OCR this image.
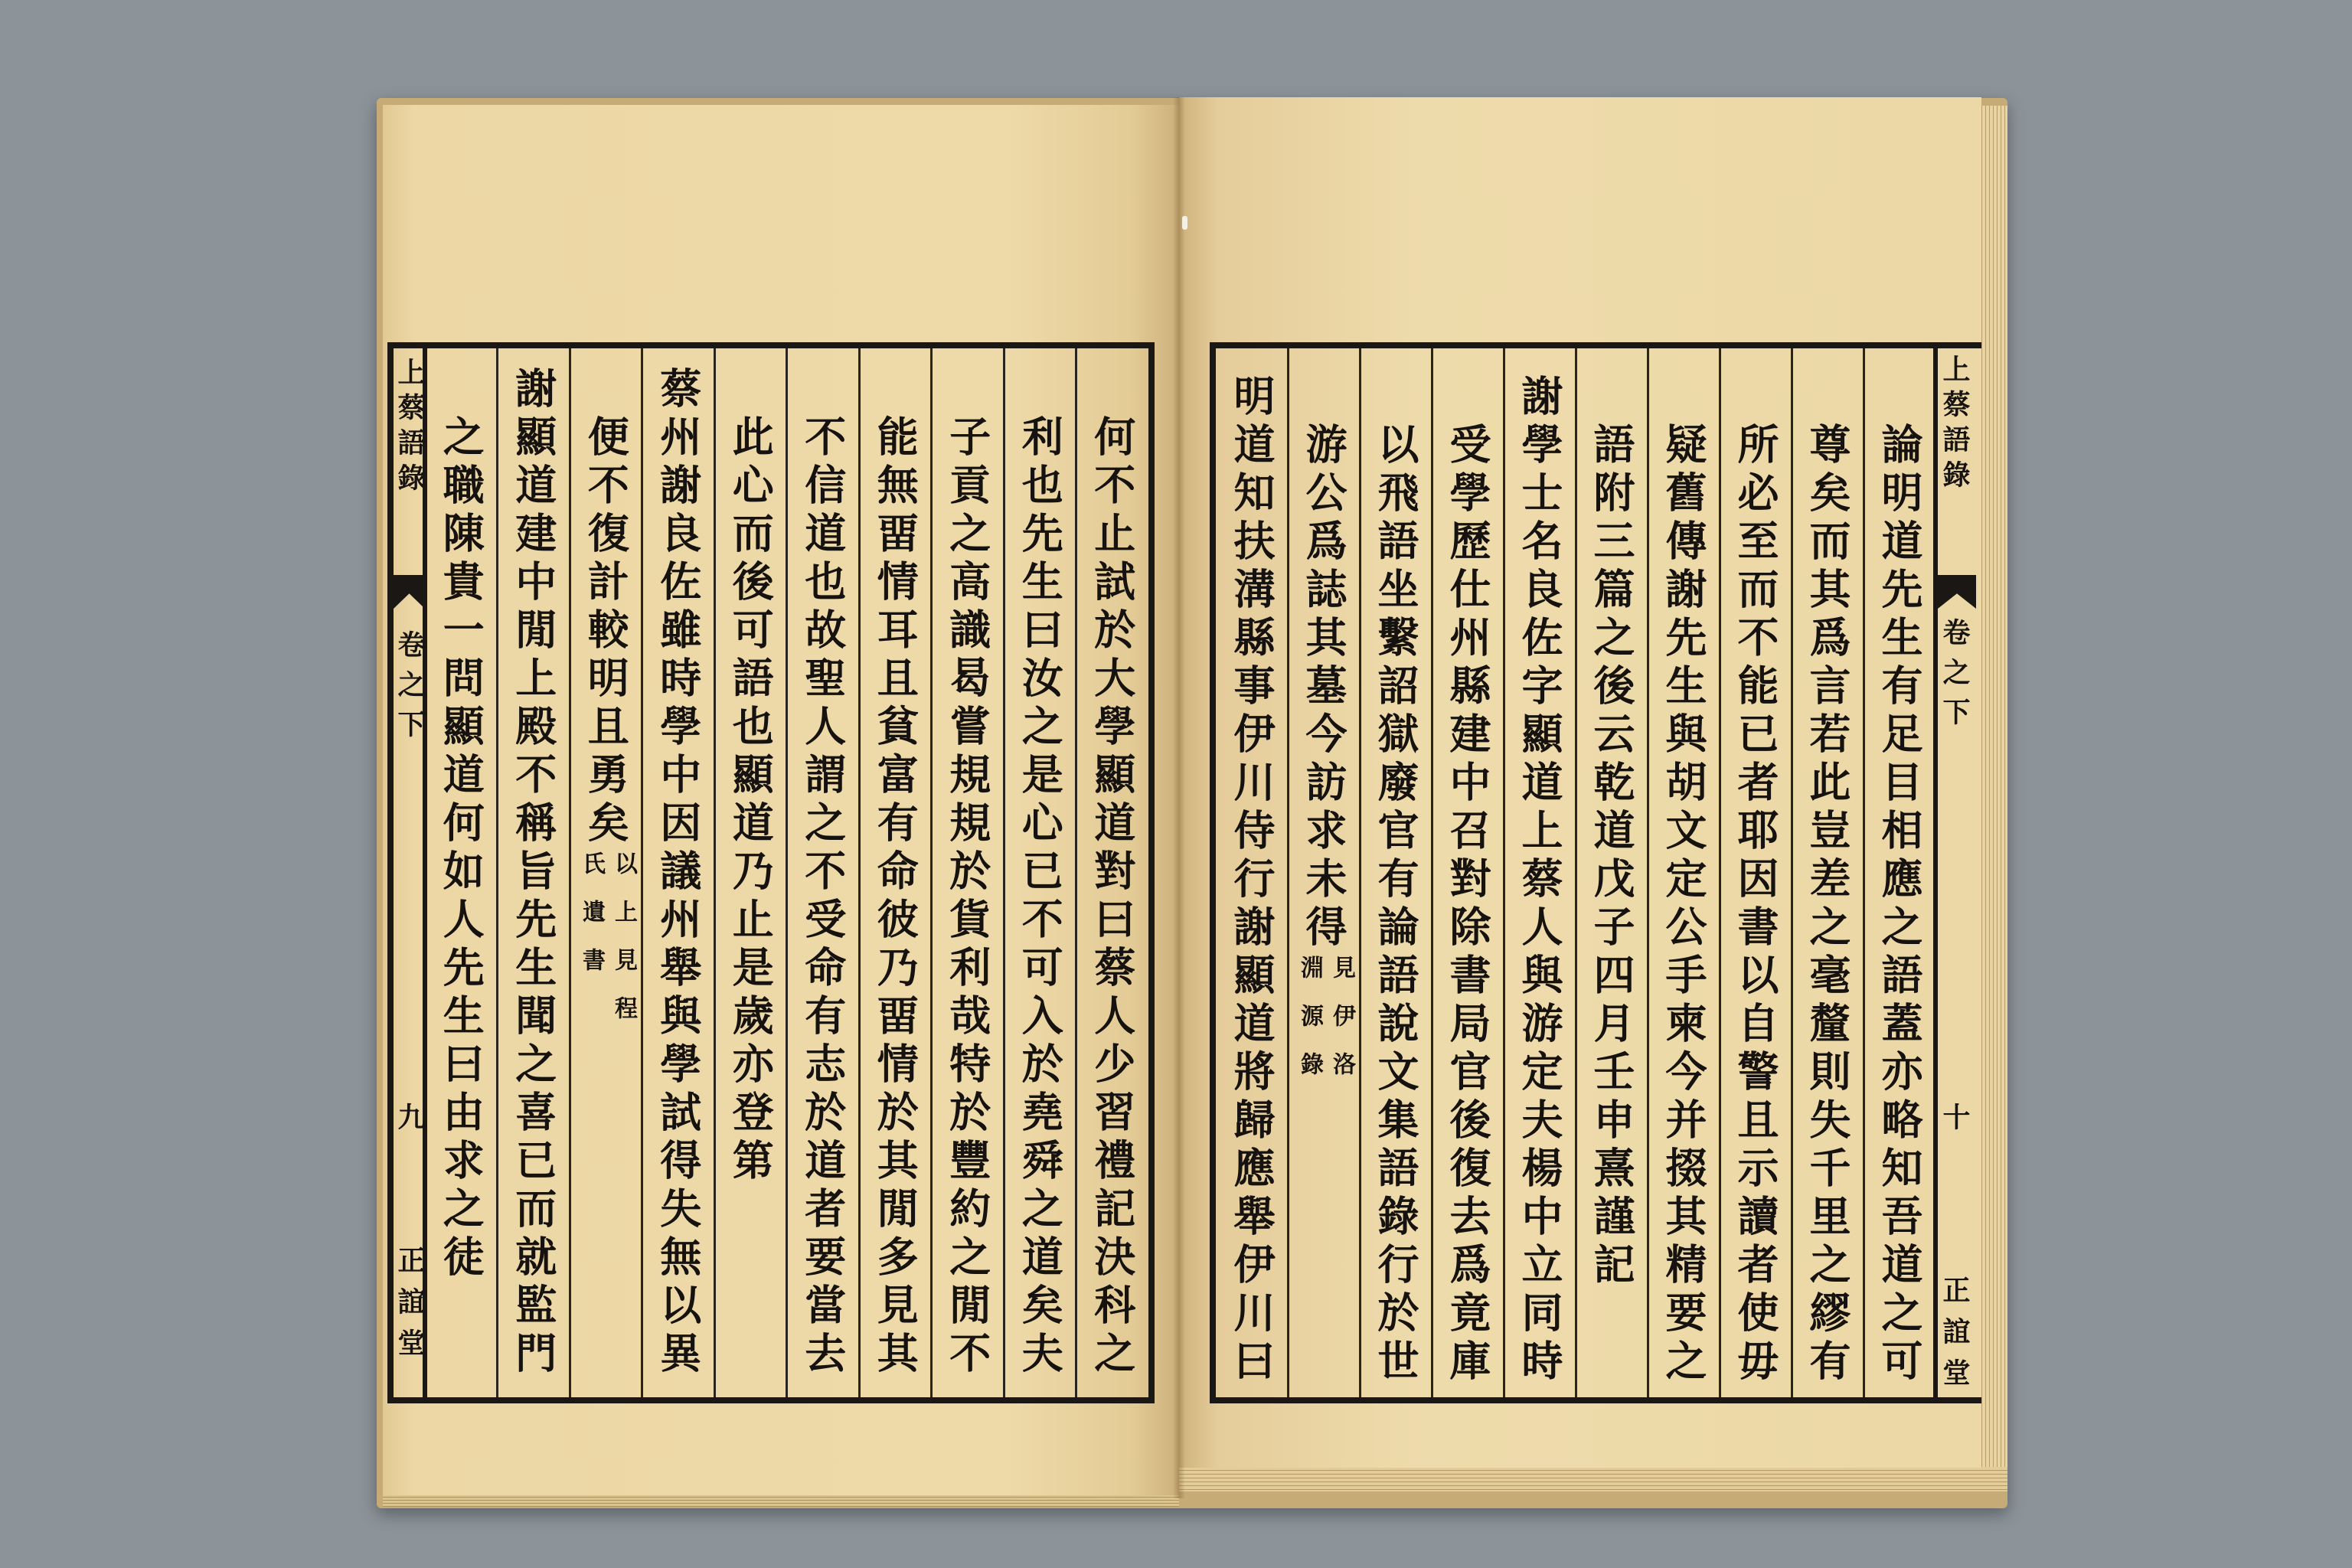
上蔡語錄
卷之下
九
正誼堂	何不止試於大學顯道對曰蔡人少習禮記決科之
利也先生曰汝之是心已不可入於堯舜之道矣夫
子貢之高識曷嘗規規於貨利哉特於豐約之閒不
能無畱情耳且貧富有命彼乃畱情於其閒多見其
不信道也故聖人謂之不受命有志於道者要當去
此心而後可語也顯道乃止是歲亦登第
蔡州謝良佐雖時學中因議州舉與學試得失無以異
便不復計較明且勇矣
以上見程
氏遺書
謝顯道建中閒上殿不稱旨先生聞之喜已而就監門
之職陳貴一問顯道何如人先生曰由求之徒	上蔡語錄
卷之下
十
正誼堂
論明道先生有足目相應之語蓋亦略知吾道之可
尊矣而其爲言若此豈差之毫釐則失千里之繆有
所必至而不能已者耶因書以自警且示讀者使毋
疑舊傳謝先生與胡文定公手柬今并掇其精要之
語附三篇之後云乾道戊子四月壬申熹謹記
謝學士名良佐字顯道上蔡人與游定夫楊中立同時
受學歷仕州縣建中召對除書局官後復去爲竟庫
以飛語坐繫詔獄廢官有論語說文集語錄行於世
游公爲誌其墓今訪求未得
見伊洛
淵源錄
明道知扶溝縣事伊川侍行謝顯道將歸應舉伊川曰
